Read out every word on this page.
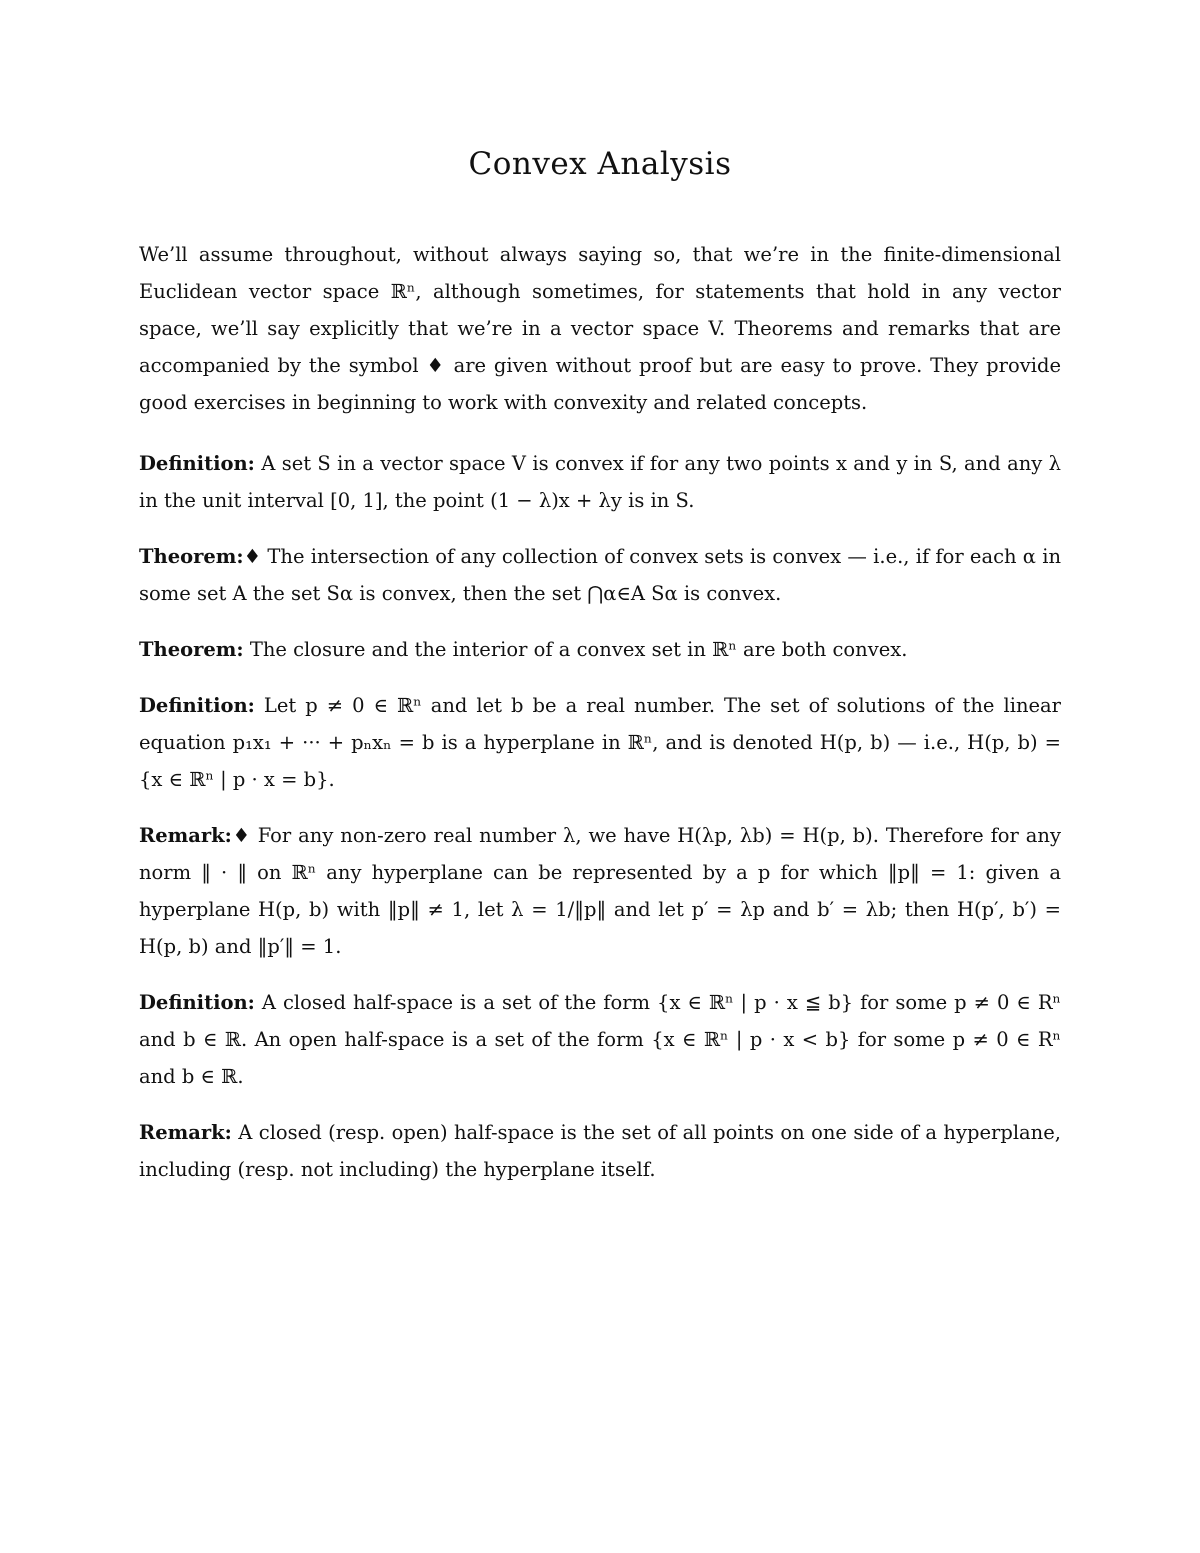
Convex Analysis

We’ll assume throughout, without always saying so, that we’re in the finite-dimensional Euclidean vector space ℝⁿ, although sometimes, for statements that hold in any vector space, we’ll say explicitly that we’re in a vector space V. Theorems and remarks that are accompanied by the symbol ♦ are given without proof but are easy to prove. They provide good exercises in beginning to work with convexity and related concepts.

Definition: A set S in a vector space V is convex if for any two points x and y in S, and any λ in the unit interval [0, 1], the point (1 − λ)x + λy is in S.

Theorem:♦ The intersection of any collection of convex sets is convex — i.e., if for each α in some set A the set Sα is convex, then the set ⋂α∈A Sα is convex.

Theorem: The closure and the interior of a convex set in ℝⁿ are both convex.

Definition: Let p ≠ 0 ∈ ℝⁿ and let b be a real number. The set of solutions of the linear equation p₁x₁ + ··· + pₙxₙ = b is a hyperplane in ℝⁿ, and is denoted H(p, b) — i.e., H(p, b) = {x ∈ ℝⁿ | p · x = b}.

Remark:♦ For any non-zero real number λ, we have H(λp, λb) = H(p, b). Therefore for any norm ‖ · ‖ on ℝⁿ any hyperplane can be represented by a p for which ‖p‖ = 1: given a hyperplane H(p, b) with ‖p‖ ≠ 1, let λ = 1/‖p‖ and let p′ = λp and b′ = λb; then H(p′, b′) = H(p, b) and ‖p′‖ = 1.

Definition: A closed half-space is a set of the form {x ∈ ℝⁿ | p · x ≦ b} for some p ≠ 0 ∈ Rⁿ and b ∈ ℝ. An open half-space is a set of the form {x ∈ ℝⁿ | p · x < b} for some p ≠ 0 ∈ Rⁿ and b ∈ ℝ.

Remark: A closed (resp. open) half-space is the set of all points on one side of a hyperplane, including (resp. not including) the hyperplane itself.
